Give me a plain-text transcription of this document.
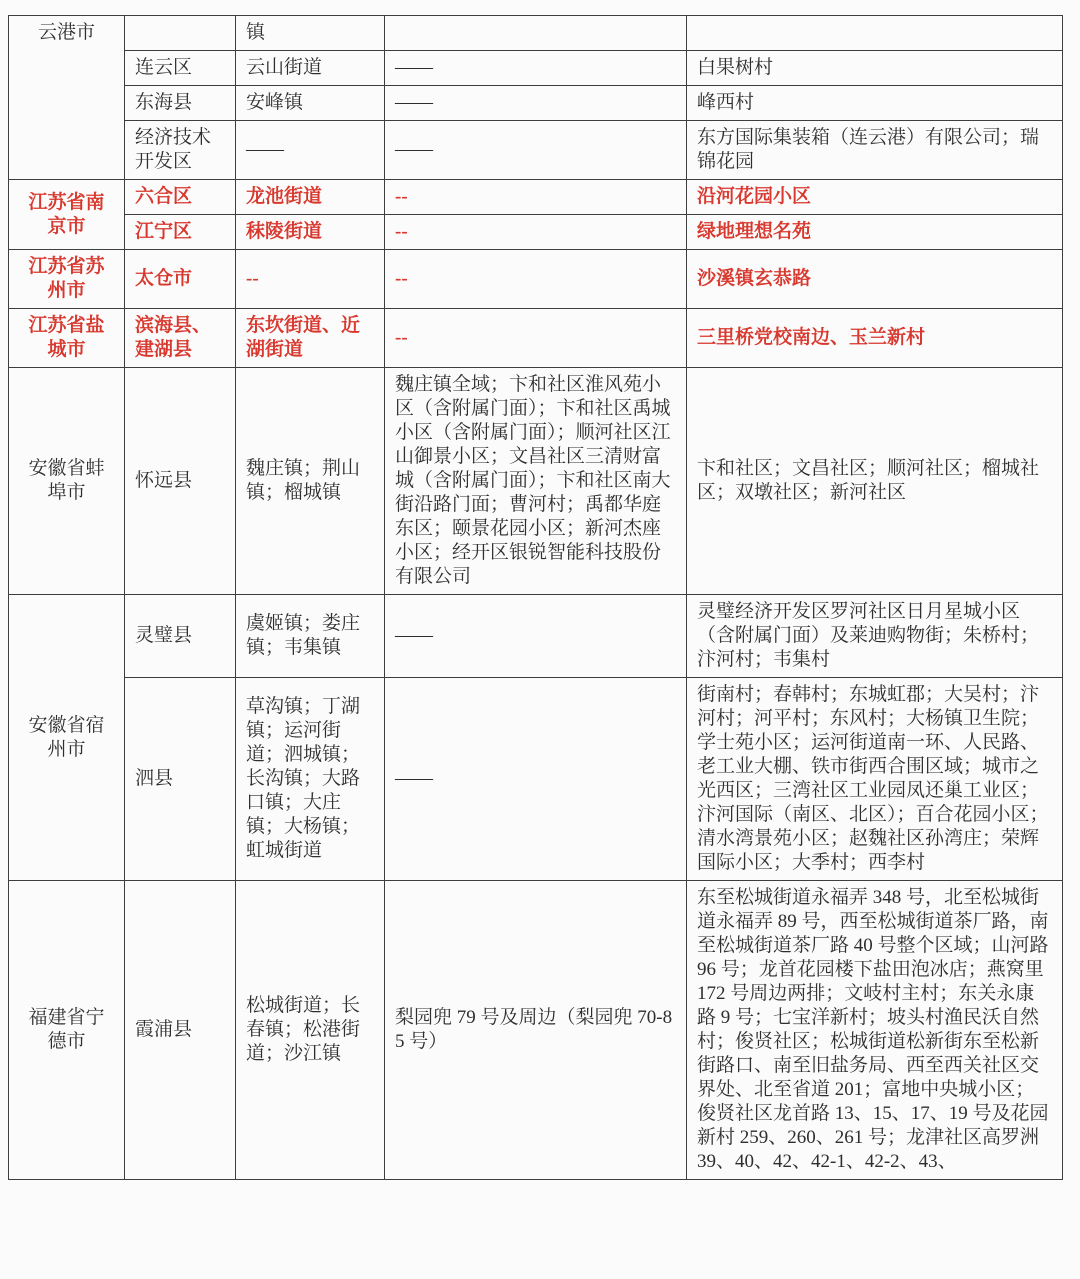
云港市		镇		
	连云区	云山街道	——	白果树村
	东海县	安峰镇	——	峰西村
	经济技术开发区	——	——	东方国际集装箱（连云港）有限公司；瑞锦花园
江苏省南京市	六合区	龙池街道	--	沿河花园小区
	江宁区	秣陵街道	--	绿地理想名苑
江苏省苏州市	太仓市	--	--	沙溪镇玄恭路
江苏省盐城市	滨海县、建湖县	东坎街道、近湖街道	--	三里桥党校南边、玉兰新村
安徽省蚌埠市	怀远县	魏庄镇；荆山镇；榴城镇	魏庄镇全域；卞和社区淮风苑小区（含附属门面）；卞和社区禹城小区（含附属门面）；顺河社区江山御景小区；文昌社区三清财富城（含附属门面）；卞和社区南大街沿路门面；曹河村；禹都华庭东区；颐景花园小区；新河杰座小区；经开区银锐智能科技股份有限公司	卞和社区；文昌社区；顺河社区；榴城社区；双墩社区；新河社区
安徽省宿州市	灵璧县	虞姬镇；娄庄镇；韦集镇	——	灵璧经济开发区罗河社区日月星城小区（含附属门面）及莱迪购物街；朱桥村；汴河村；韦集村
	泗县	草沟镇；丁湖镇；运河街道；泗城镇；长沟镇；大路口镇；大庄镇；大杨镇；虹城街道	——	街南村；春韩村；东城虹郡；大吴村；汴河村；河平村；东风村；大杨镇卫生院；学士苑小区；运河街道南一环、人民路、老工业大棚、铁市街西合围区域；城市之光西区；三湾社区工业园凤还巢工业区；汴河国际（南区、北区）；百合花园小区；清水湾景苑小区；赵魏社区孙湾庄；荣辉国际小区；大季村；西李村
福建省宁德市	霞浦县	松城街道；长春镇；松港街道；沙江镇	梨园兜 79 号及周边（梨园兜 70-85 号）	东至松城街道永福弄 348 号，北至松城街道永福弄 89 号，西至松城街道茶厂路，南至松城街道茶厂路 40 号整个区域；山河路 96 号；龙首花园楼下盐田泡冰店；燕窝里 172 号周边两排；文岐村主村；东关永康路 9 号；七宝洋新村；坡头村渔民沃自然村；俊贤社区；松城街道松新街东至松新街路口、南至旧盐务局、西至西关社区交界处、北至省道 201；富地中央城小区；俊贤社区龙首路 13、15、17、19 号及花园新村 259、260、261 号；龙津社区高罗洲 39、40、42、42-1、42-2、43、
